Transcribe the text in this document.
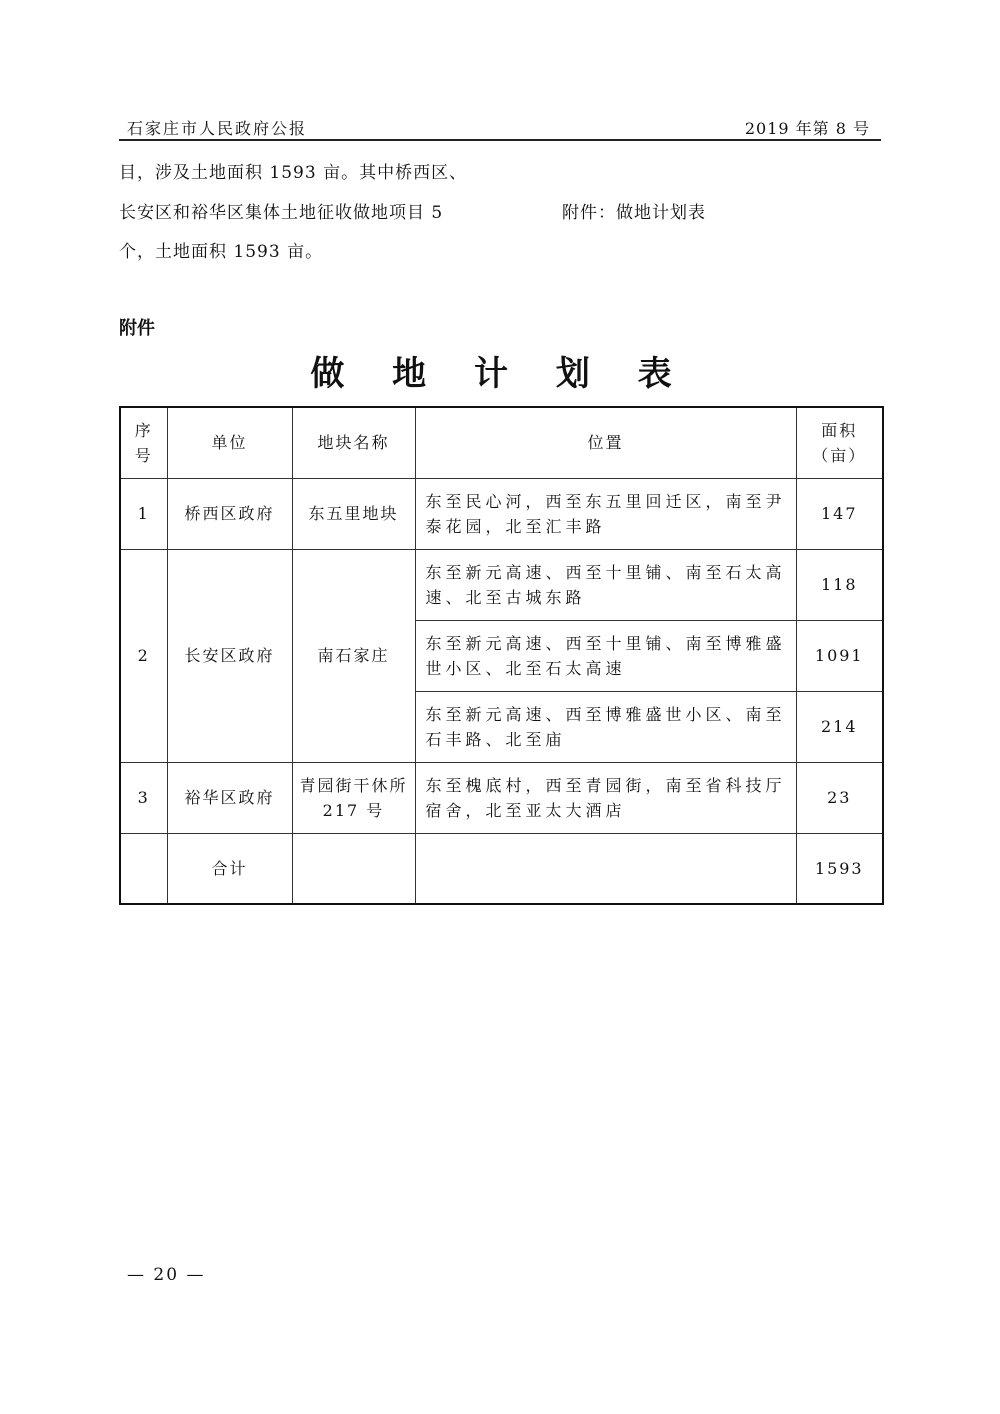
石家庄市人民政府公报	2019 年第 8 号
目，涉及土地面积 1593 亩。其中桥西区、
长安区和裕华区集体土地征收做地项目 5
个，土地面积 1593 亩。
附件：做地计划表
附件
做 地 计 划 表
序号	单位	地块名称	位置	面积
（亩）

1	桥西区政府	东五里地块	东至民心河，西至东五里回迁区，南至尹泰花园，北至汇丰路	147
2	长安区政府	南石家庄	东至新元高速、西至十里铺、南至石太高速、北至古城东路	118
			东至新元高速、西至十里铺、南至博雅盛世小区、北至石太高速	1091
			东至新元高速、西至博雅盛世小区、南至石丰路、北至庙	214
3	裕华区政府	青园街干休所 217 号	东至槐底村，西至青园街，南至省科技厅宿舍，北至亚太大酒店	23
	合计			1593
— 20 —
